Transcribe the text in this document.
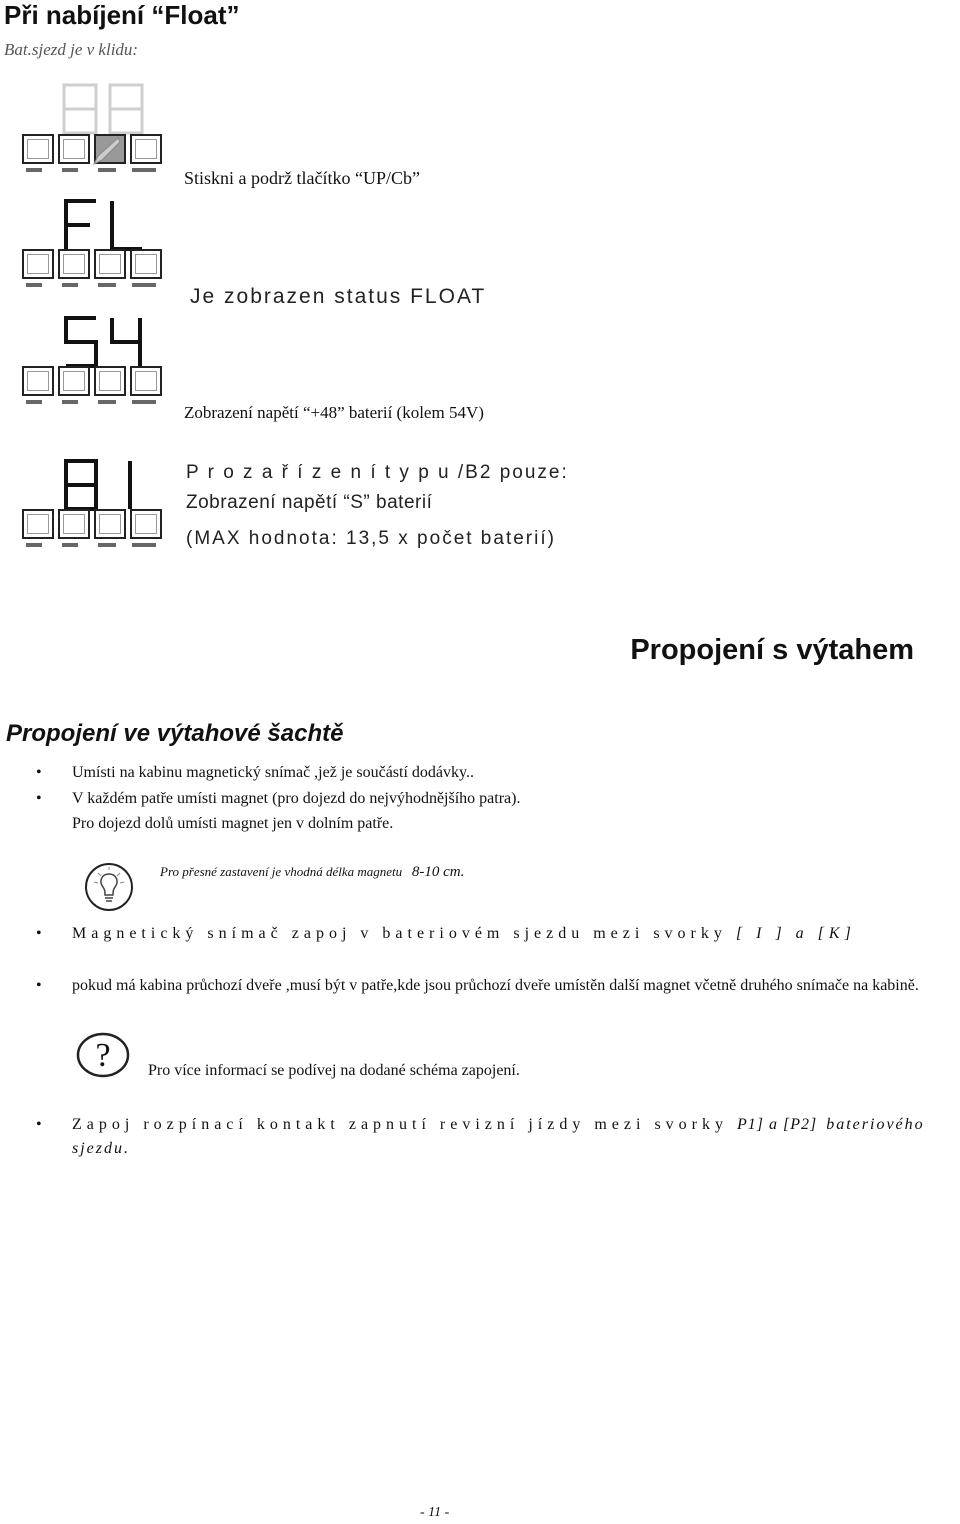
Při nabíjení “Float”
Bat.sjezd je v klidu:
Stiskni a podrž tlačítko “UP/Cb”
Je zobrazen status FLOAT
Zobrazení napětí “+48” baterií (kolem 54V)
P r o z a ř í z e n í t y p u /B2 pouze:
Zobrazení napětí “S” baterií
(MAX hodnota: 13,5 x počet baterií)
Propojení s výtahem
Propojení ve výtahové šachtě
• Umísti na kabinu magnetický snímač ,jež je součástí dodávky..
• V každém patře umísti magnet (pro dojezd do nejvýhodnějšího patra).
Pro dojezd dolů umísti magnet jen v dolním patře.
Pro přesné zastavení je vhodná délka magnetu 8-10 cm.
• Magnetický snímač zapoj v bateriovém sjezdu mezi svorky [ I ] a [K]
• pokud má kabina průchozí dveře ,musí být v patře,kde jsou průchozí dveře umístěn další magnet včetně druhého snímače na kabině.
? Pro více informací se podívej na dodané schéma zapojení.
• Zapoj rozpínací kontakt zapnutí revizní jízdy mezi svorky P1] a [P2] bateriového sjezdu.
- 11 -
